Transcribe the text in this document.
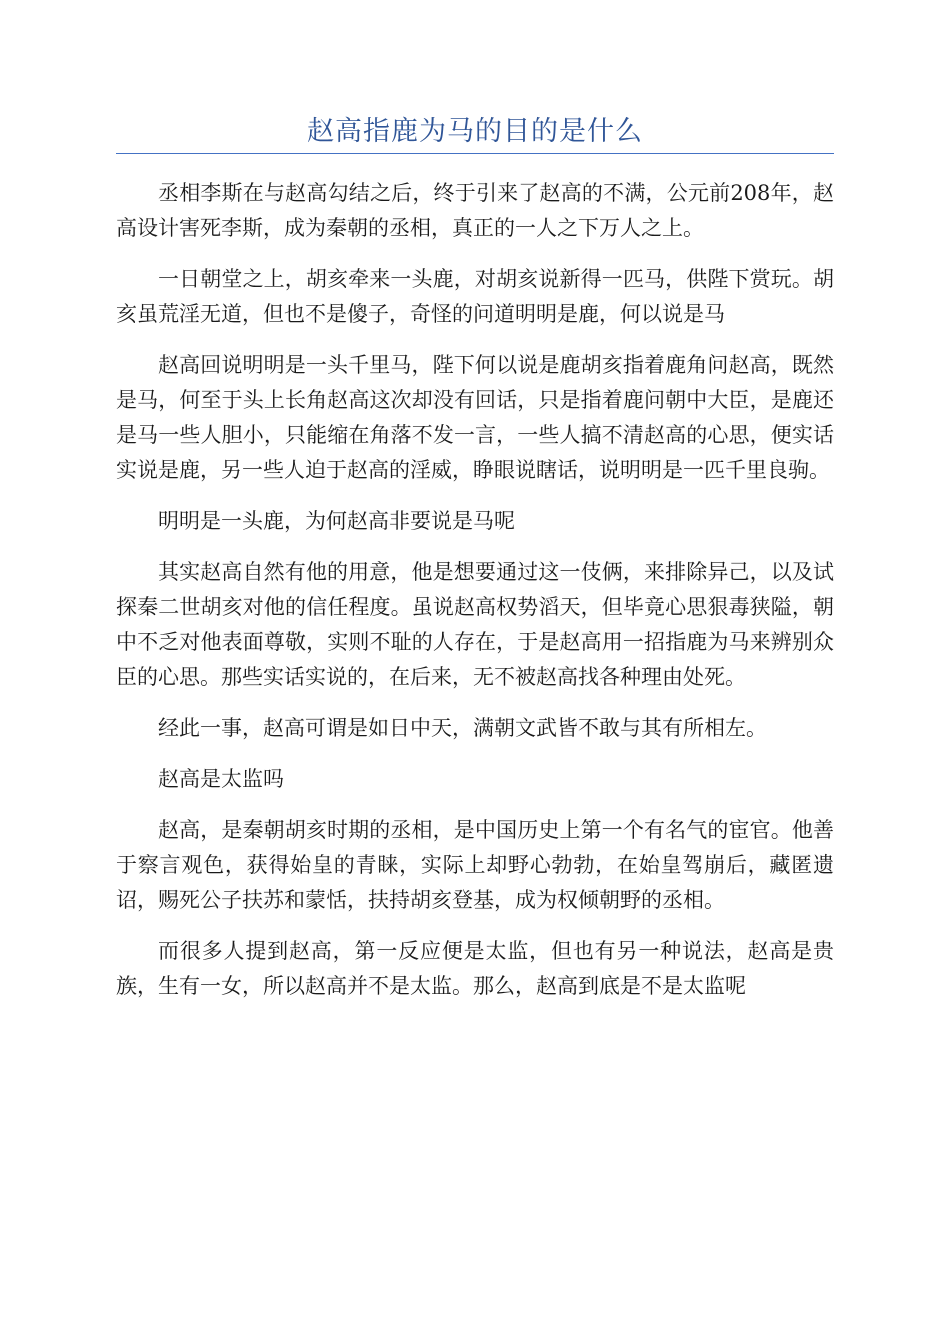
赵高指鹿为马的目的是什么

丞相李斯在与赵高勾结之后，终于引来了赵高的不满，公元前208年，赵高设计害死李斯，成为秦朝的丞相，真正的一人之下万人之上。

一日朝堂之上，胡亥牵来一头鹿，对胡亥说新得一匹马，供陛下赏玩。胡亥虽荒淫无道，但也不是傻子，奇怪的问道明明是鹿，何以说是马

赵高回说明明是一头千里马，陛下何以说是鹿胡亥指着鹿角问赵高，既然是马，何至于头上长角赵高这次却没有回话，只是指着鹿问朝中大臣，是鹿还是马一些人胆小，只能缩在角落不发一言，一些人搞不清赵高的心思，便实话实说是鹿，另一些人迫于赵高的淫威，睁眼说瞎话，说明明是一匹千里良驹。

明明是一头鹿，为何赵高非要说是马呢

其实赵高自然有他的用意，他是想要通过这一伎俩，来排除异己，以及试探秦二世胡亥对他的信任程度。虽说赵高权势滔天，但毕竟心思狠毒狭隘，朝中不乏对他表面尊敬，实则不耻的人存在，于是赵高用一招指鹿为马来辨别众臣的心思。那些实话实说的，在后来，无不被赵高找各种理由处死。

经此一事，赵高可谓是如日中天，满朝文武皆不敢与其有所相左。

赵高是太监吗

赵高，是秦朝胡亥时期的丞相，是中国历史上第一个有名气的宦官。他善于察言观色，获得始皇的青睐，实际上却野心勃勃，在始皇驾崩后，藏匿遗诏，赐死公子扶苏和蒙恬，扶持胡亥登基，成为权倾朝野的丞相。

而很多人提到赵高，第一反应便是太监，但也有另一种说法，赵高是贵族，生有一女，所以赵高并不是太监。那么，赵高到底是不是太监呢
